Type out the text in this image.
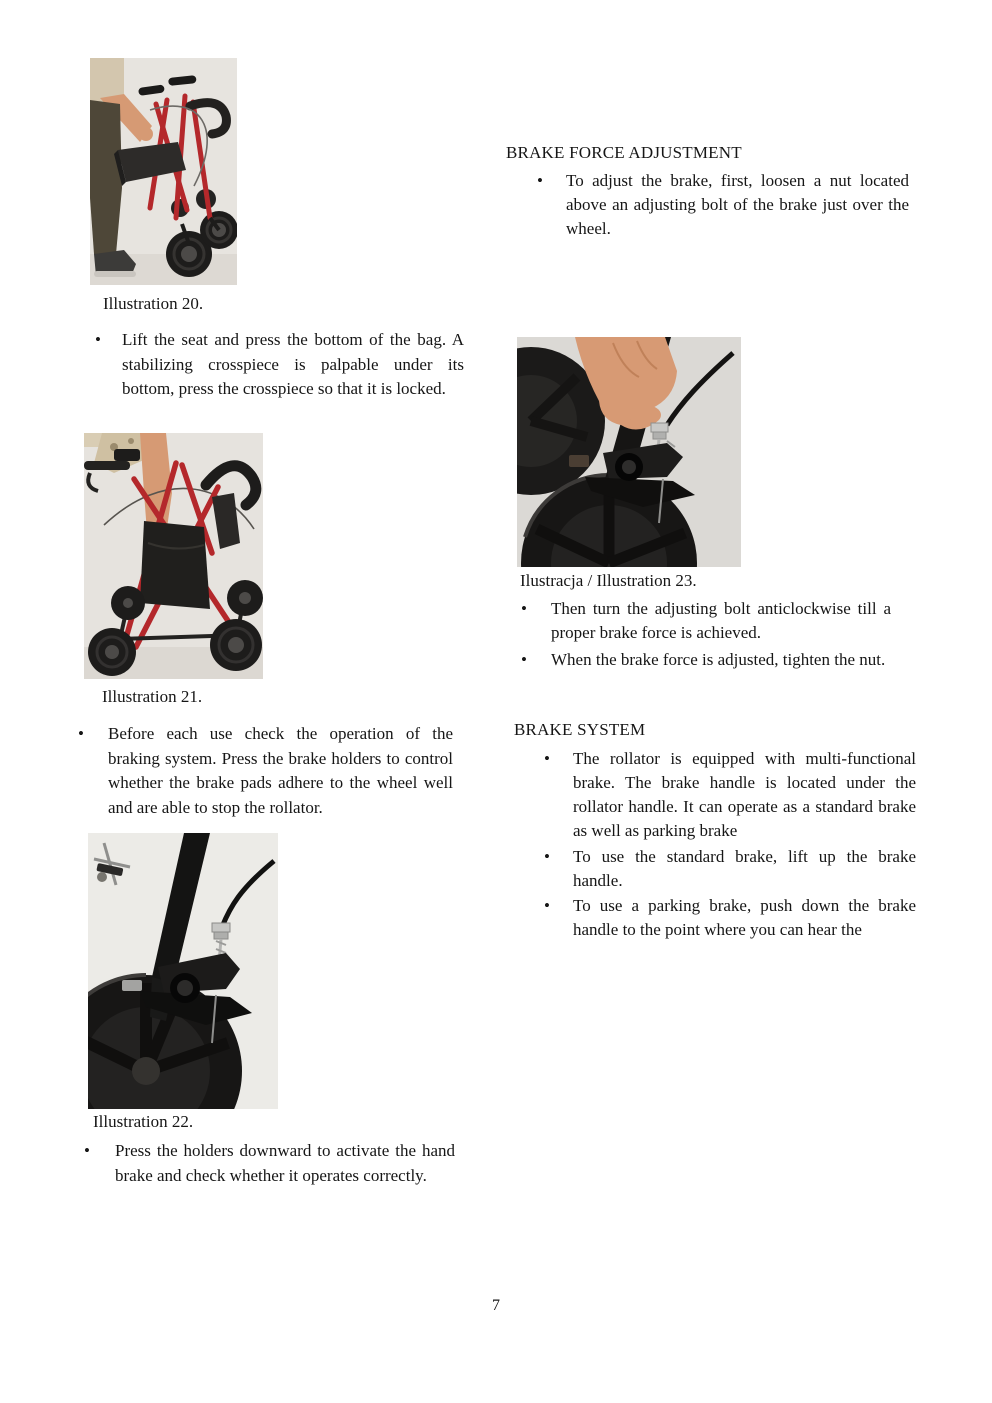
Illustration 20.
•	Lift the seat and press the bottom of the bag. A stabilizing crosspiece is palpable under its bottom, press the crosspiece so that it is locked.
Illustration 21.
•	Before each use check the operation of the braking system. Press the brake holders to control whether the brake pads adhere to the wheel well and are able to stop the rollator.
Illustration 22.
•	Press the holders downward to activate the hand brake and check whether it operates correctly.
BRAKE FORCE ADJUSTMENT
•	To adjust the brake, first, loosen a nut located above an adjusting bolt of the brake just over the wheel.
Ilustracja / Illustration 23.
•	Then turn the adjusting bolt anticlockwise till a proper brake force is achieved.
•	When the brake force is adjusted, tighten the nut.
BRAKE SYSTEM
•	The rollator is equipped with multi-functional brake. The brake handle is located under the rollator handle. It can operate as a standard brake as well as parking brake
•	To use the standard brake, lift up the brake handle.
•	To use a parking brake, push down the brake handle to the point where you can hear the
7
